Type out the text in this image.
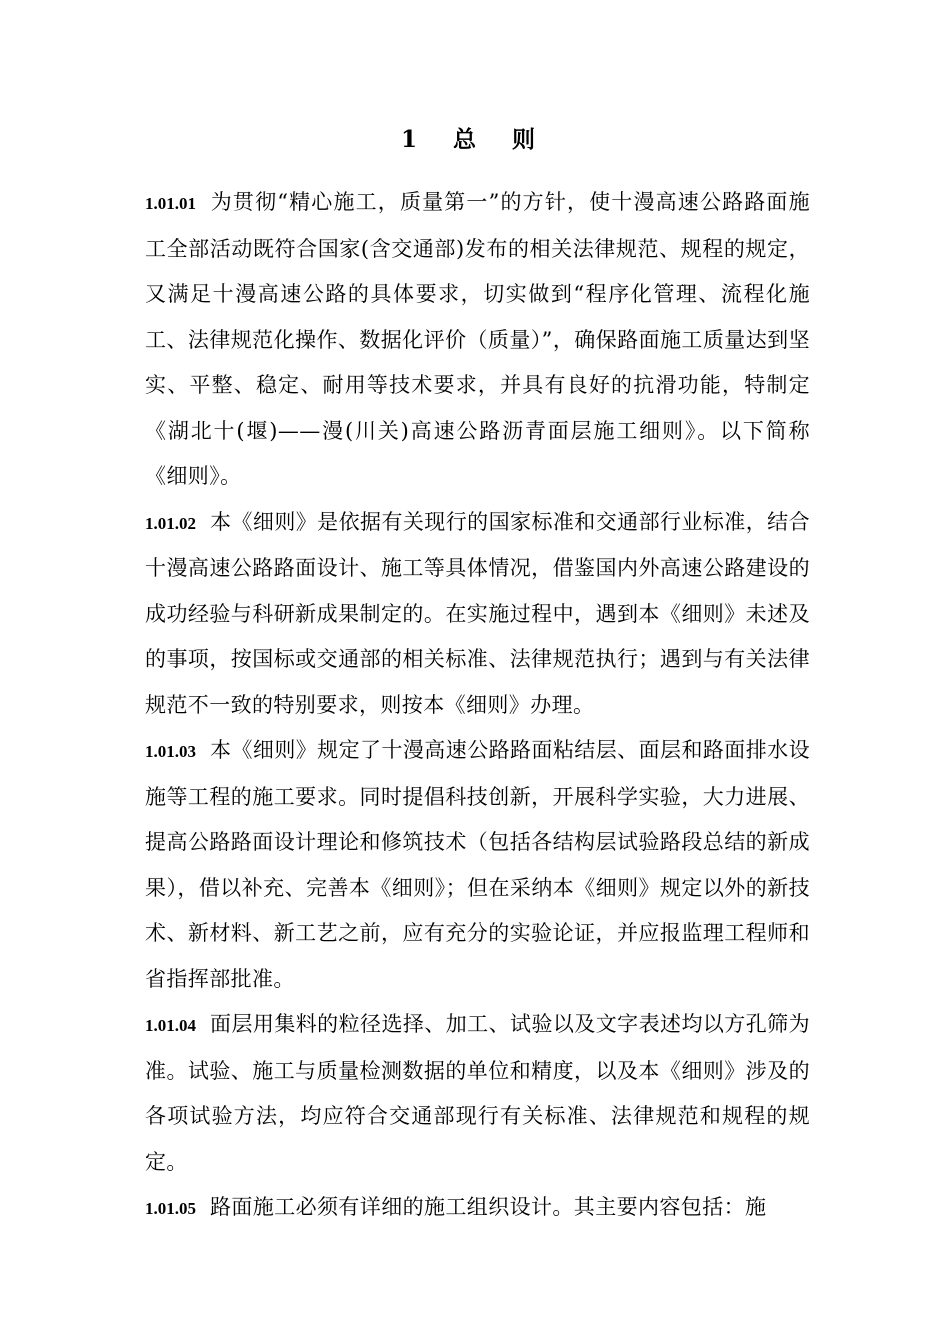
1 总 则

1.01.01 为贯彻“精心施工，质量第一”的方针，使十漫高速公路路面施工全部活动既符合国家(含交通部)发布的相关法律规范、规程的规定，又满足十漫高速公路的具体要求，切实做到“程序化管理、流程化施工、法律规范化操作、数据化评价（质量）”，确保路面施工质量达到坚实、平整、稳定、耐用等技术要求，并具有良好的抗滑功能，特制定《湖北十(堰)——漫(川关)高速公路沥青面层施工细则》。以下简称《细则》。

1.01.02 本《细则》是依据有关现行的国家标准和交通部行业标准，结合十漫高速公路路面设计、施工等具体情况，借鉴国内外高速公路建设的成功经验与科研新成果制定的。在实施过程中，遇到本《细则》未述及的事项，按国标或交通部的相关标准、法律规范执行；遇到与有关法律规范不一致的特别要求，则按本《细则》办理。

1.01.03 本《细则》规定了十漫高速公路路面粘结层、面层和路面排水设施等工程的施工要求。同时提倡科技创新，开展科学实验，大力进展、提高公路路面设计理论和修筑技术（包括各结构层试验路段总结的新成果），借以补充、完善本《细则》；但在采纳本《细则》规定以外的新技术、新材料、新工艺之前，应有充分的实验论证，并应报监理工程师和省指挥部批准。

1.01.04 面层用集料的粒径选择、加工、试验以及文字表述均以方孔筛为准。试验、施工与质量检测数据的单位和精度，以及本《细则》涉及的各项试验方法，均应符合交通部现行有关标准、法律规范和规程的规定。

1.01.05 路面施工必须有详细的施工组织设计。其主要内容包括：施
